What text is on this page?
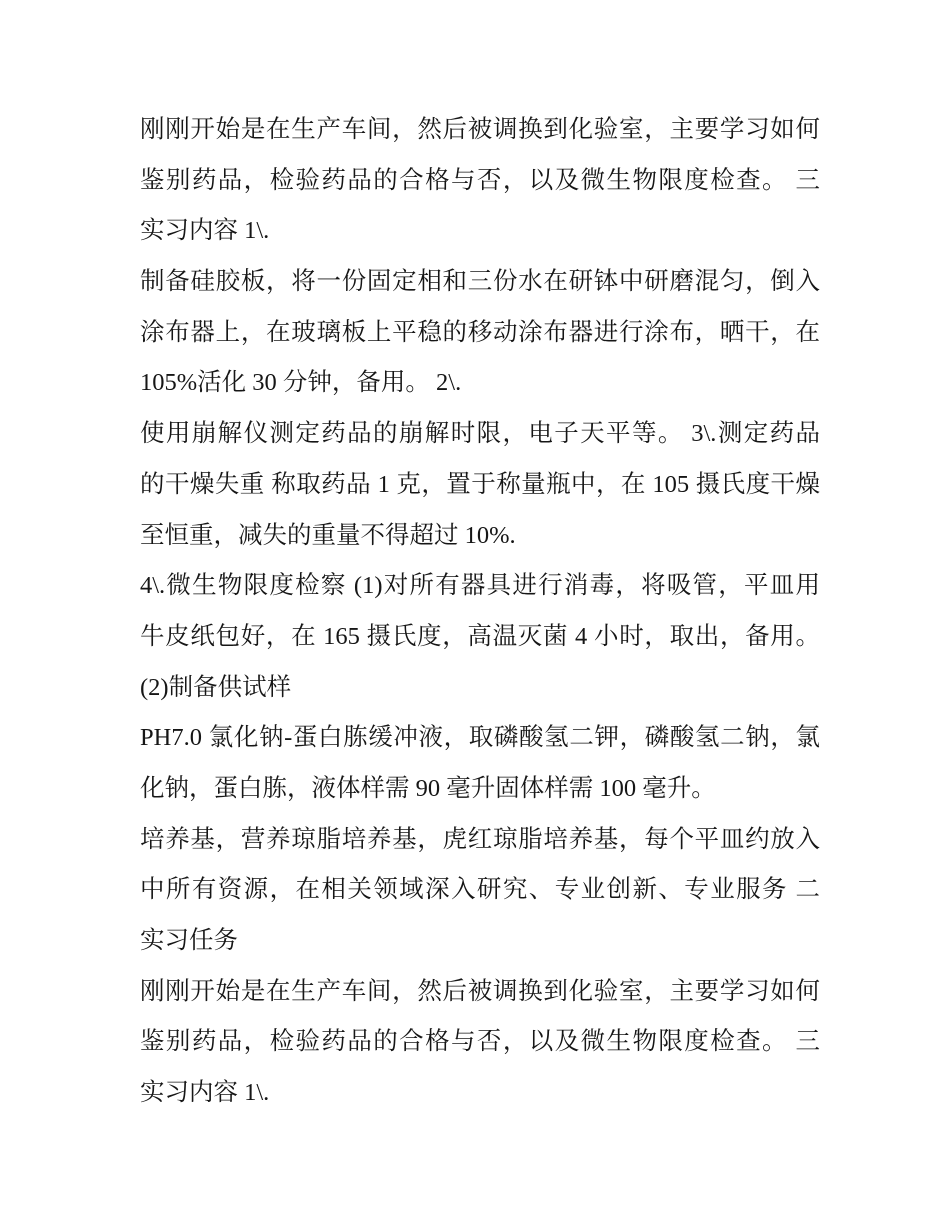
刚刚开始是在生产车间，然后被调换到化验室，主要学习如何
鉴别药品，检验药品的合格与否，以及微生物限度检查。 三
实习内容 1\.
制备硅胶板，将一份固定相和三份水在研钵中研磨混匀，倒入
涂布器上，在玻璃板上平稳的移动涂布器进行涂布，晒干，在
105%活化 30 分钟，备用。 2\.
使用崩解仪测定药品的崩解时限，电子天平等。 3\.测定药品
的干燥失重 称取药品 1 克，置于称量瓶中，在 105 摄氏度干燥
至恒重，减失的重量不得超过 10%.
4\.微生物限度检察 (1)对所有器具进行消毒，将吸管，平皿用
牛皮纸包好，在 165 摄氏度，高温灭菌 4 小时，取出，备用。
(2)制备供试样
PH7.0 氯化钠-蛋白胨缓冲液，取磷酸氢二钾，磷酸氢二钠，氯
化钠，蛋白胨，液体样需 90 毫升固体样需 100 毫升。
培养基，营养琼脂培养基，虎红琼脂培养基，每个平皿约放入
中所有资源，在相关领域深入研究、专业创新、专业服务 二
实习任务
刚刚开始是在生产车间，然后被调换到化验室，主要学习如何
鉴别药品，检验药品的合格与否，以及微生物限度检查。 三
实习内容 1\.
